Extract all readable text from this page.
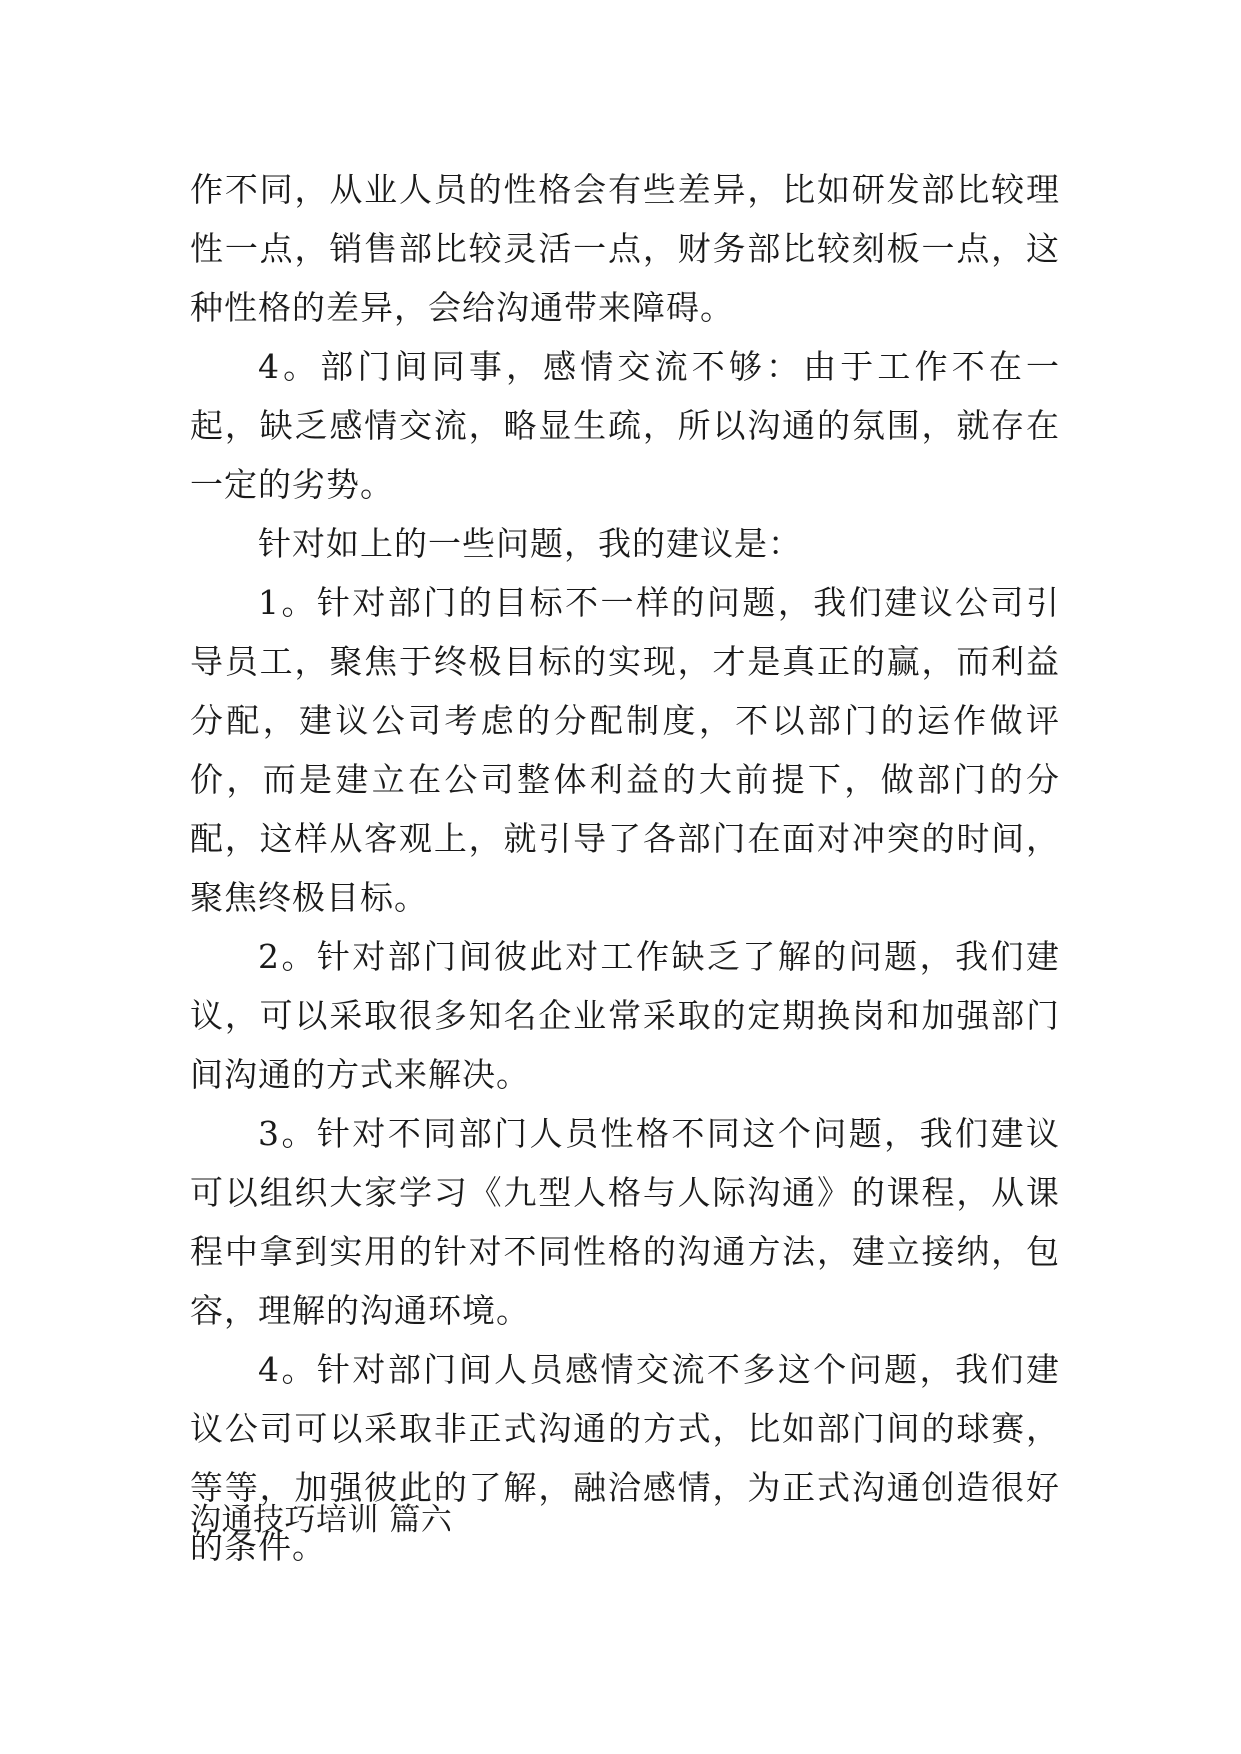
作不同，从业人员的性格会有些差异，比如研发部比较理性一点，销售部比较灵活一点，财务部比较刻板一点，这种性格的差异，会给沟通带来障碍。

4。部门间同事，感情交流不够：由于工作不在一起，缺乏感情交流，略显生疏，所以沟通的氛围，就存在一定的劣势。

针对如上的一些问题，我的建议是：

1。针对部门的目标不一样的问题，我们建议公司引导员工，聚焦于终极目标的实现，才是真正的赢，而利益分配，建议公司考虑的分配制度，不以部门的运作做评价，而是建立在公司整体利益的大前提下，做部门的分配，这样从客观上，就引导了各部门在面对冲突的时间，聚焦终极目标。

2。针对部门间彼此对工作缺乏了解的问题，我们建议，可以采取很多知名企业常采取的定期换岗和加强部门间沟通的方式来解决。

3。针对不同部门人员性格不同这个问题，我们建议可以组织大家学习《九型人格与人际沟通》的课程，从课程中拿到实用的针对不同性格的沟通方法，建立接纳，包容，理解的沟通环境。

4。针对部门间人员感情交流不多这个问题，我们建议公司可以采取非正式沟通的方式，比如部门间的球赛，等等，加强彼此的了解，融洽感情，为正式沟通创造很好的条件。

沟通技巧培训 篇六
